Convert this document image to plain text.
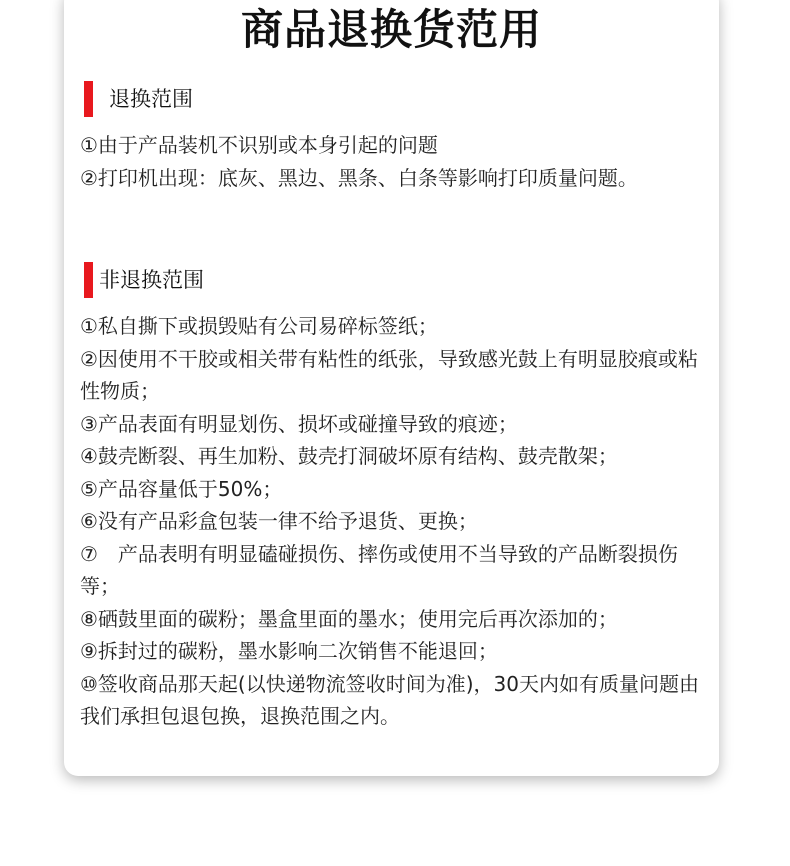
商品退换货范用
退换范围
①由于产品装机不识别或本身引起的问题
②打印机出现：底灰、黑边、黑条、白条等影响打印质量问题。
非退换范围
①私自撕下或损毁贴有公司易碎标签纸；
②因使用不干胶或相关带有粘性的纸张，导致感光鼓上有明显胶痕或粘性物质；
③产品表面有明显划伤、损坏或碰撞导致的痕迹；
④鼓壳断裂、再生加粉、鼓壳打洞破坏原有结构、鼓壳散架；
⑤产品容量低于50%；
⑥没有产品彩盒包装一律不给予退货、更换；
⑦　产品表明有明显磕碰损伤、摔伤或使用不当导致的产品断裂损伤等；
⑧硒鼓里面的碳粉；墨盒里面的墨水；使用完后再次添加的；
⑨拆封过的碳粉，墨水影响二次销售不能退回；
⑩签收商品那天起(以快递物流签收时间为准)，30天内如有质量问题由我们承担包退包换，退换范围之内。
